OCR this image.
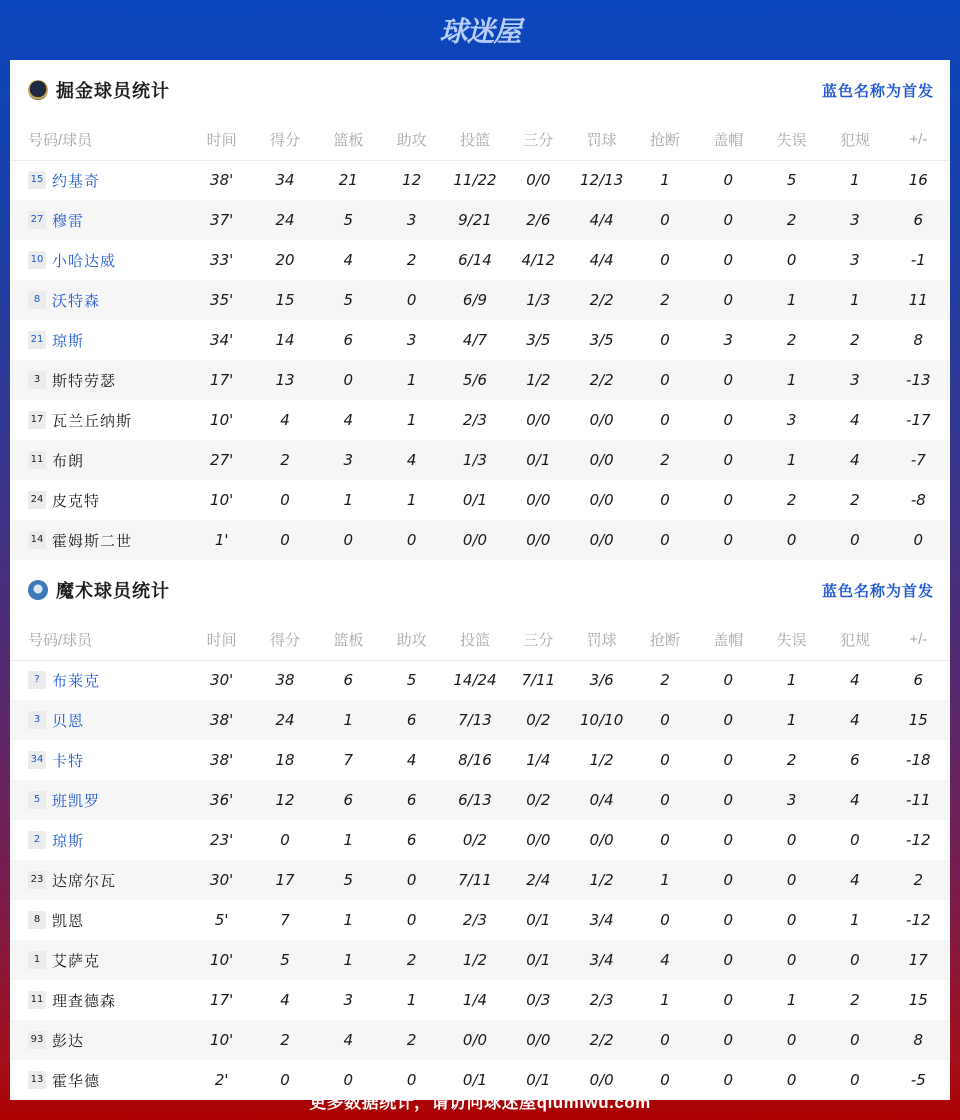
球迷屋
掘金球员统计	蓝色名称为首发
号码/球员	时间	得分	篮板	助攻	投篮	三分	罚球	抢断	盖帽	失误	犯规	+/-
15 约基奇	38'	34	21	12	11/22	0/0	12/13	1	0	5	1	16
27 穆雷	37'	24	5	3	9/21	2/6	4/4	0	0	2	3	6
10 小哈达威	33'	20	4	2	6/14	4/12	4/4	0	0	0	3	-1
8 沃特森	35'	15	5	0	6/9	1/3	2/2	2	0	1	1	11
21 琼斯	34'	14	6	3	4/7	3/5	3/5	0	3	2	2	8
3 斯特劳瑟	17'	13	0	1	5/6	1/2	2/2	0	0	1	3	-13
17 瓦兰丘纳斯	10'	4	4	1	2/3	0/0	0/0	0	0	3	4	-17
11 布朗	27'	2	3	4	1/3	0/1	0/0	2	0	1	4	-7
24 皮克特	10'	0	1	1	0/1	0/0	0/0	0	0	2	2	-8
14 霍姆斯二世	1'	0	0	0	0/0	0/0	0/0	0	0	0	0	0
魔术球员统计	蓝色名称为首发
号码/球员	时间	得分	篮板	助攻	投篮	三分	罚球	抢断	盖帽	失误	犯规	+/-
? 布莱克	30'	38	6	5	14/24	7/11	3/6	2	0	1	4	6
3 贝恩	38'	24	1	6	7/13	0/2	10/10	0	0	1	4	15
34 卡特	38'	18	7	4	8/16	1/4	1/2	0	0	2	6	-18
5 班凯罗	36'	12	6	6	6/13	0/2	0/4	0	0	3	4	-11
2 琼斯	23'	0	1	6	0/2	0/0	0/0	0	0	0	0	-12
23 达席尔瓦	30'	17	5	0	7/11	2/4	1/2	1	0	0	4	2
8 凯恩	5'	7	1	0	2/3	0/1	3/4	0	0	0	1	-12
1 艾萨克	10'	5	1	2	1/2	0/1	3/4	4	0	0	0	17
11 理查德森	17'	4	3	1	1/4	0/3	2/3	1	0	1	2	15
93 彭达	10'	2	4	2	0/0	0/0	2/2	0	0	0	0	8
13 霍华德	2'	0	0	0	0/1	0/1	0/0	0	0	0	0	-5
更多数据统计，请访问球迷屋qiumiwu.com
